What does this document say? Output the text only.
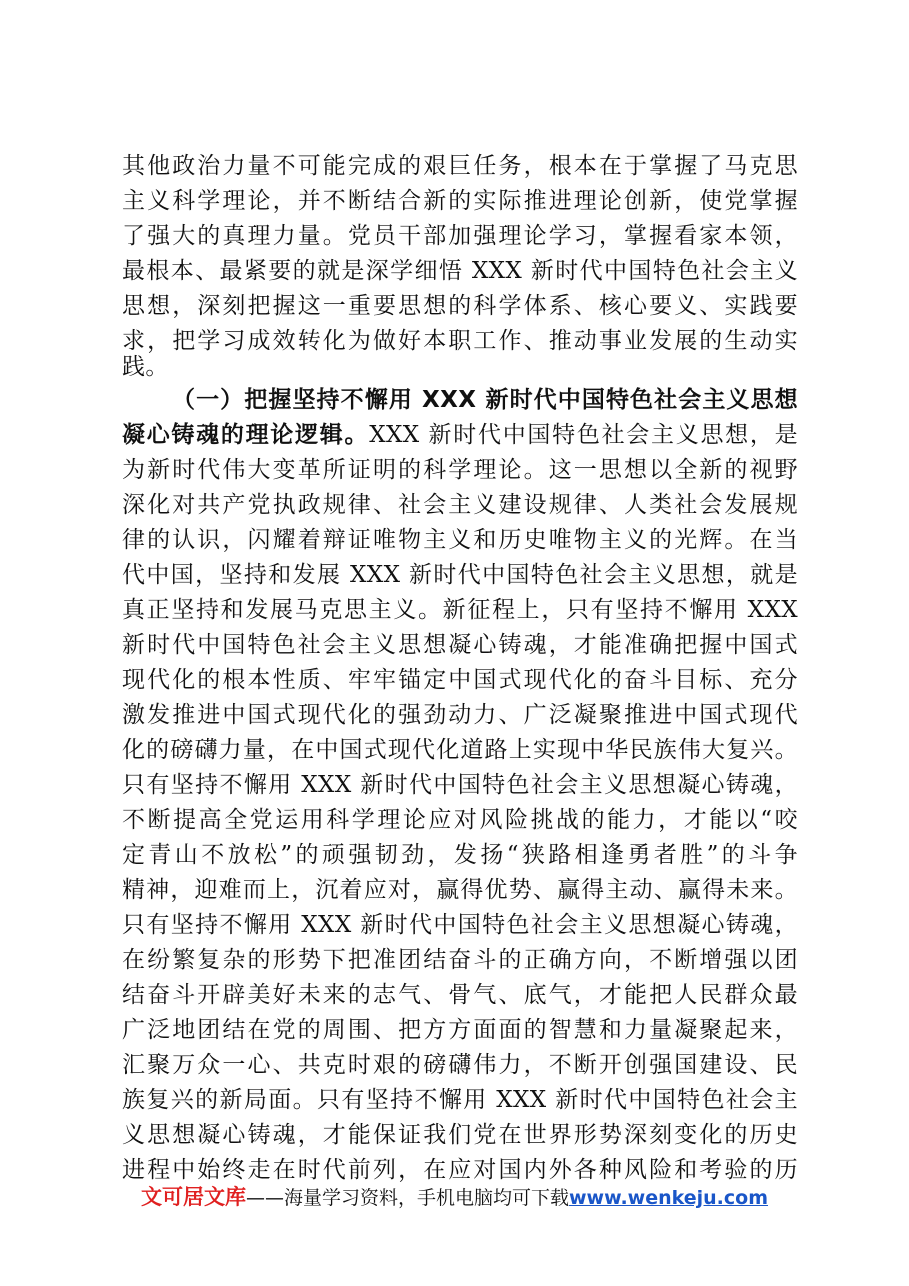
其他政治力量不可能完成的艰巨任务，根本在于掌握了马克思
主义科学理论，并不断结合新的实际推进理论创新，使党掌握
了强大的真理力量。党员干部加强理论学习，掌握看家本领，
最根本、最紧要的就是深学细悟 XXX 新时代中国特色社会主义
思想，深刻把握这一重要思想的科学体系、核心要义、实践要
求，把学习成效转化为做好本职工作、推动事业发展的生动实
践。
（一）把握坚持不懈用 XXX 新时代中国特色社会主义思想
凝心铸魂的理论逻辑。XXX 新时代中国特色社会主义思想，是
为新时代伟大变革所证明的科学理论。这一思想以全新的视野
深化对共产党执政规律、社会主义建设规律、人类社会发展规
律的认识，闪耀着辩证唯物主义和历史唯物主义的光辉。在当
代中国，坚持和发展 XXX 新时代中国特色社会主义思想，就是
真正坚持和发展马克思主义。新征程上，只有坚持不懈用 XXX
新时代中国特色社会主义思想凝心铸魂，才能准确把握中国式
现代化的根本性质、牢牢锚定中国式现代化的奋斗目标、充分
激发推进中国式现代化的强劲动力、广泛凝聚推进中国式现代
化的磅礴力量，在中国式现代化道路上实现中华民族伟大复兴。
只有坚持不懈用 XXX 新时代中国特色社会主义思想凝心铸魂，
不断提高全党运用科学理论应对风险挑战的能力，才能以“咬
定青山不放松”的顽强韧劲，发扬“狭路相逢勇者胜”的斗争
精神，迎难而上，沉着应对，赢得优势、赢得主动、赢得未来。
只有坚持不懈用 XXX 新时代中国特色社会主义思想凝心铸魂，
在纷繁复杂的形势下把准团结奋斗的正确方向，不断增强以团
结奋斗开辟美好未来的志气、骨气、底气，才能把人民群众最
广泛地团结在党的周围、把方方面面的智慧和力量凝聚起来，
汇聚万众一心、共克时艰的磅礴伟力，不断开创强国建设、民
族复兴的新局面。只有坚持不懈用 XXX 新时代中国特色社会主
义思想凝心铸魂，才能保证我们党在世界形势深刻变化的历史
进程中始终走在时代前列，在应对国内外各种风险和考验的历
文可居文库——海量学习资料，手机电脑均可下载www.wenkeju.com
